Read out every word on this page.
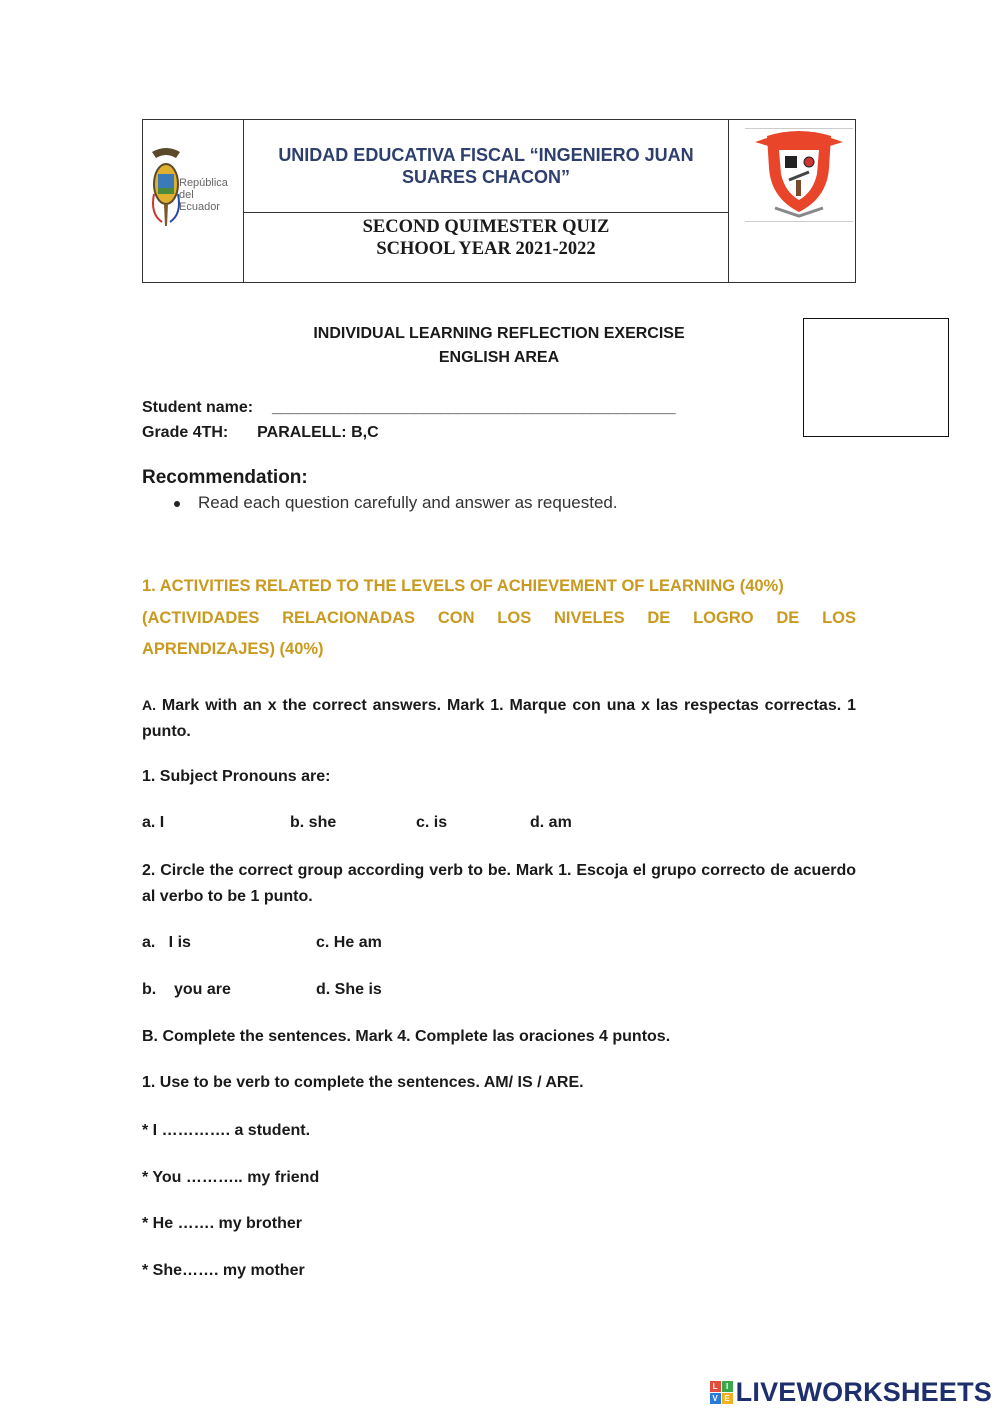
República del Ecuador
UNIDAD EDUCATIVA FISCAL “INGENIERO JUAN SUARES CHACON”
SECOND QUIMESTER QUIZ
SCHOOL YEAR 2021-2022
INDIVIDUAL LEARNING REFLECTION EXERCISE
ENGLISH AREA
Student name: ________________________________________________
Grade 4TH: PARALELL: B,C
Recommendation:
Read each question carefully and answer as requested.
1. ACTIVITIES RELATED TO THE LEVELS OF ACHIEVEMENT OF LEARNING (40%)
(ACTIVIDADES RELACIONADAS CON LOS NIVELES DE LOGRO DE LOS
APRENDIZAJES) (40%)
A. Mark with an x the correct answers. Mark 1. Marque con una x las respectas correctas. 1 punto.
1. Subject Pronouns are:
a. I	b. she	c. is	d. am
2. Circle the correct group according verb to be. Mark 1. Escoja el grupo correcto de acuerdo al verbo to be 1 punto.
a.   I is	c. He am
b.    you are	d. She is
B. Complete the sentences. Mark 4. Complete las oraciones 4 puntos.
1. Use to be verb to complete the sentences. AM/ IS / ARE.
* I …………. a student.
* You ……….. my friend
* He ……. my brother
* She……. my mother
L	I
V E LIVEWORKSHEETS
